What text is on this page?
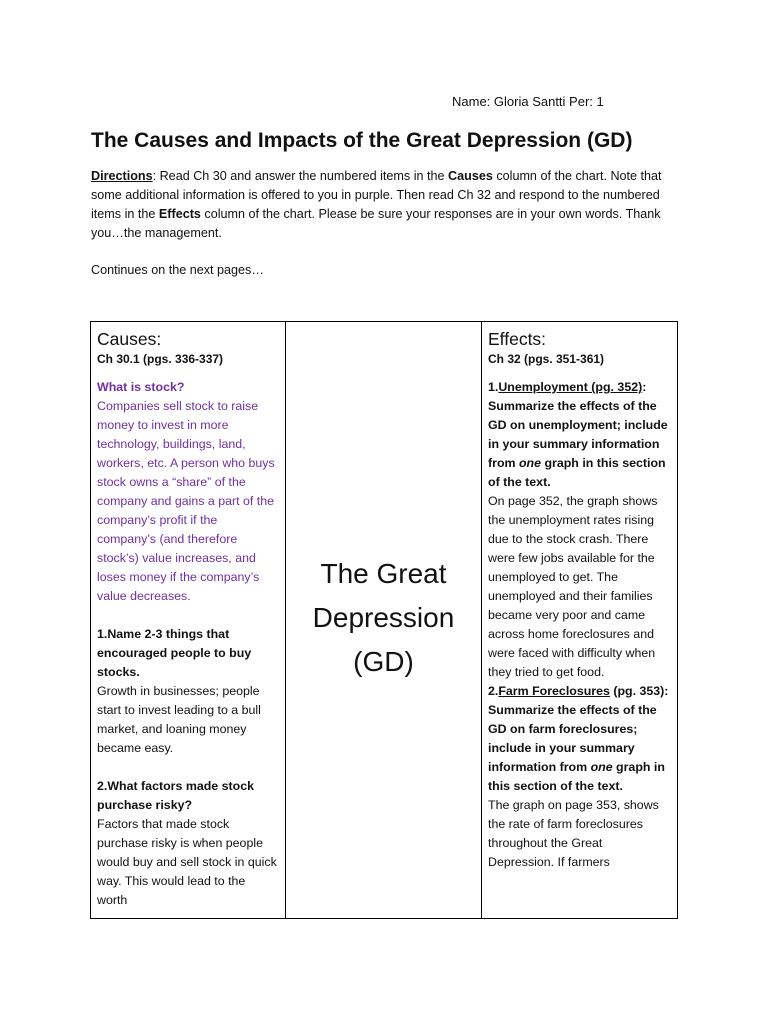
Name: Gloria Santti Per: 1
The Causes and Impacts of the Great Depression (GD)

Directions: Read Ch 30 and answer the numbered items in the Causes column of the chart. Note that some additional information is offered to you in purple. Then read Ch 32 and respond to the numbered items in the Effects column of the chart. Please be sure your responses are in your own words. Thank you…the management.

Continues on the next pages…

Causes:
Ch 30.1 (pgs. 336-337)

What is stock?

Companies sell stock to raise money to invest in more technology, buildings, land, workers, etc. A person who buys stock owns a “share” of the company and gains a part of the company’s profit if the company’s (and therefore stock’s) value increases, and loses money if the company’s value decreases.

1.Name 2-3 things that encouraged people to buy stocks.

Growth in businesses; people start to invest leading to a bull market, and loaning money became easy.

2.What factors made stock purchase risky?

Factors that made stock purchase risky is when people would buy and sell stock in quick way. This would lead to the worth

The Great
Depression
(GD)
Effects:
Ch 32 (pgs. 351-361)

1.Unemployment (pg. 352): Summarize the effects of the GD on unemployment; include in your summary information from one graph in this section of the text.

On page 352, the graph shows the unemployment rates rising due to the stock crash. There were few jobs available for the unemployed to get. The unemployed and their families became very poor and came across home foreclosures and were faced with difficulty when they tried to get food.

2.Farm Foreclosures (pg. 353): Summarize the effects of the GD on farm foreclosures; include in your summary information from one graph in this section of the text.

The graph on page 353, shows the rate of farm foreclosures throughout the Great Depression. If farmers
